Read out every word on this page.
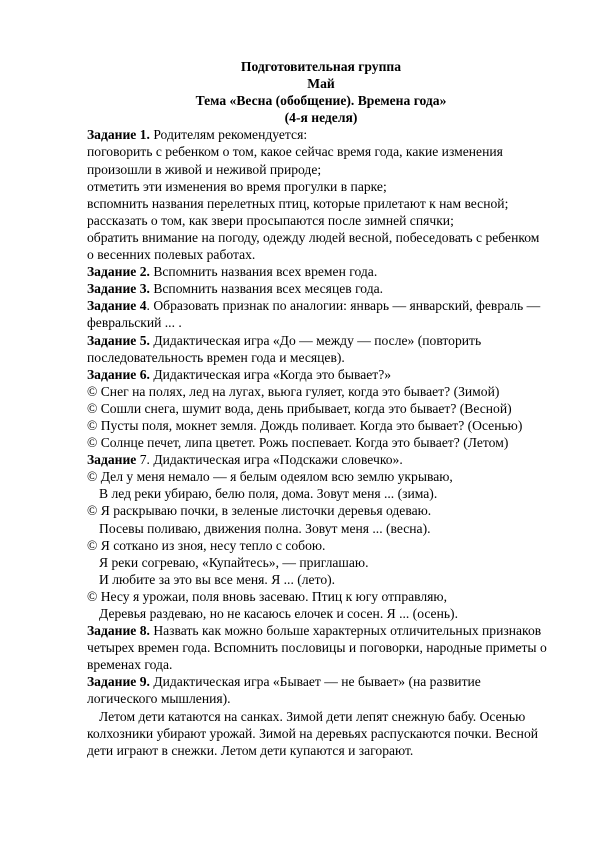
Подготовительная группа
Май
Тема «Весна (обобщение). Времена года»
(4-я неделя)
Задание 1. Родителям рекомендуется:
поговорить с ребенком о том, какое сейчас время года, какие изменения
произошли в живой и неживой природе;
отметить эти изменения во время прогулки в парке;
вспомнить названия перелетных птиц, которые прилетают к нам весной;
рассказать о том, как звери просыпаются после зимней спячки;
обратить внимание на погоду, одежду людей весной, побеседовать с ребенком
о весенних полевых работах.
Задание 2. Вспомнить названия всех времен года.
Задание 3. Вспомнить названия всех месяцев года.
Задание 4. Образовать признак по аналогии: январь — январский, февраль —
февральский ... .
Задание 5. Дидактическая игра «До — между — после» (повторить
последовательность времен года и месяцев).
Задание 6. Дидактическая игра «Когда это бывает?»
© Снег на полях, лед на лугах, вьюга гуляет, когда это бывает? (Зимой)
© Сошли снега, шумит вода, день прибывает, когда это бывает? (Весной)
© Пусты поля, мокнет земля. Дождь поливает. Когда это бывает? (Осенью)
© Солнце печет, липа цветет. Рожь поспевает. Когда это бывает? (Летом)
Задание 7. Дидактическая игра «Подскажи словечко».
© Дел у меня немало — я белым одеялом всю землю укрываю,
В лед реки убираю, белю поля, дома. Зовут меня ... (зима).
© Я раскрываю почки, в зеленые листочки деревья одеваю.
Посевы поливаю, движения полна. Зовут меня ... (весна).
© Я соткано из зноя, несу тепло с собою.
Я реки согреваю, «Купайтесь», — приглашаю.
И любите за это вы все меня. Я ... (лето).
© Несу я урожаи, поля вновь засеваю. Птиц к югу отправляю,
Деревья раздеваю, но не касаюсь елочек и сосен. Я ... (осень).
Задание 8. Назвать как можно больше характерных отличительных признаков
четырех времен года. Вспомнить пословицы и поговорки, народные приметы о
временах года.
Задание 9. Дидактическая игра «Бывает — не бывает» (на развитие
логического мышления).
Летом дети катаются на санках. Зимой дети лепят снежную бабу. Осенью
колхозники убирают урожай. Зимой на деревьях распускаются почки. Весной
дети играют в снежки. Летом дети купаются и загорают.
